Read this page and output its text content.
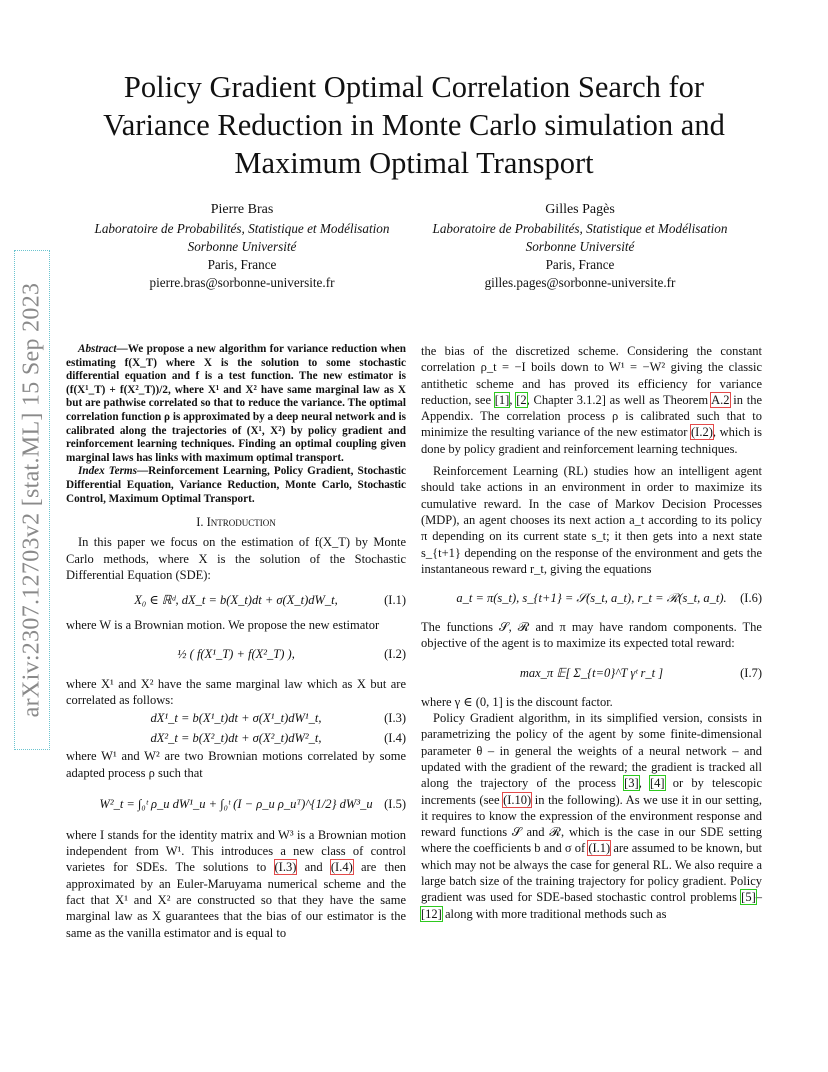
arXiv:2307.12703v2 [stat.ML] 15 Sep 2023
Policy Gradient Optimal Correlation Search for
Variance Reduction in Monte Carlo simulation and
Maximum Optimal Transport
Pierre Bras
Laboratoire de Probabilités, Statistique et Modélisation
Sorbonne Université
Paris, France
pierre.bras@sorbonne-universite.fr
Gilles Pagès
Laboratoire de Probabilités, Statistique et Modélisation
Sorbonne Université
Paris, France
gilles.pages@sorbonne-universite.fr

Abstract—We propose a new algorithm for variance reduction when estimating f(X_T) where X is the solution to some stochastic differential equation and f is a test function. The new estimator is (f(X¹_T) + f(X²_T))/2, where X¹ and X² have same marginal law as X but are pathwise correlated so that to reduce the variance. The optimal correlation function ρ is approximated by a deep neural network and is calibrated along the trajectories of (X¹, X²) by policy gradient and reinforcement learning techniques. Finding an optimal coupling given marginal laws has links with maximum optimal transport.

Index Terms—Reinforcement Learning, Policy Gradient, Stochastic Differential Equation, Variance Reduction, Monte Carlo, Stochastic Control, Maximum Optimal Transport.

I. Introduction

In this paper we focus on the estimation of f(X_T) by Monte Carlo methods, where X is the solution of the Stochastic Differential Equation (SDE):

X₀ ∈ ℝᵈ, dX_t = b(X_t)dt + σ(X_t)dW_t,	(I.1)

where W is a Brownian motion. We propose the new estimator

½ ( f(X¹_T) + f(X²_T) ),	(I.2)

where X¹ and X² have the same marginal law which as X but are correlated as follows:

dX¹_t = b(X¹_t)dt + σ(X¹_t)dW¹_t,	(I.3)
dX²_t = b(X²_t)dt + σ(X²_t)dW²_t,	(I.4)

where W¹ and W² are two Brownian motions correlated by some adapted process ρ such that

W²_t = ∫₀ᵗ ρ_u dW¹_u + ∫₀ᵗ (I − ρ_u ρ_uᵀ)^{1/2} dW³_u (I.5)

where I stands for the identity matrix and W³ is a Brownian motion independent from W¹. This introduces a new class of control varietes for SDEs. The solutions to (I.3) and (I.4) are then approximated by an Euler-Maruyama numerical scheme and the fact that X¹ and X² are constructed so that they have the same marginal law as X guarantees that the bias of our estimator is the same as the vanilla estimator and is equal to

the bias of the discretized scheme. Considering the constant correlation ρ_t = −I boils down to W¹ = −W² giving the classic antithetic scheme and has proved its efficiency for variance reduction, see [1], [2, Chapter 3.1.2] as well as Theorem A.2 in the Appendix. The correlation process ρ is calibrated such that to minimize the resulting variance of the new estimator (I.2), which is done by policy gradient and reinforcement learning techniques.

Reinforcement Learning (RL) studies how an intelligent agent should take actions in an environment in order to maximize its cumulative reward. In the case of Markov Decision Processes (MDP), an agent chooses its next action a_t according to its policy π depending on its current state s_t; it then gets into a next state s_{t+1} depending on the response of the environment and gets the instantaneous reward r_t, giving the equations

a_t = π(s_t), s_{t+1} = 𝒮(s_t, a_t), r_t = ℛ(s_t, a_t). (I.6)

The functions 𝒮, ℛ and π may have random components. The objective of the agent is to maximize its expected total reward:

max_π 𝔼[ Σ_{t=0}^T γᵗ r_t ]	(I.7)

where γ ∈ (0, 1] is the discount factor.

Policy Gradient algorithm, in its simplified version, consists in parametrizing the policy of the agent by some finite-dimensional parameter θ – in general the weights of a neural network – and updated with the gradient of the reward; the gradient is tracked all along the trajectory of the process [3], [4] or by telescopic increments (see (I.10) in the following). As we use it in our setting, it requires to know the expression of the environment response and reward functions 𝒮 and ℛ, which is the case in our SDE setting where the coefficients b and σ of (I.1) are assumed to be known, but which may not be always the case for general RL. We also require a large batch size of the training trajectory for policy gradient. Policy gradient was used for SDE-based stochastic control problems [5]–[12] along with more traditional methods such as
